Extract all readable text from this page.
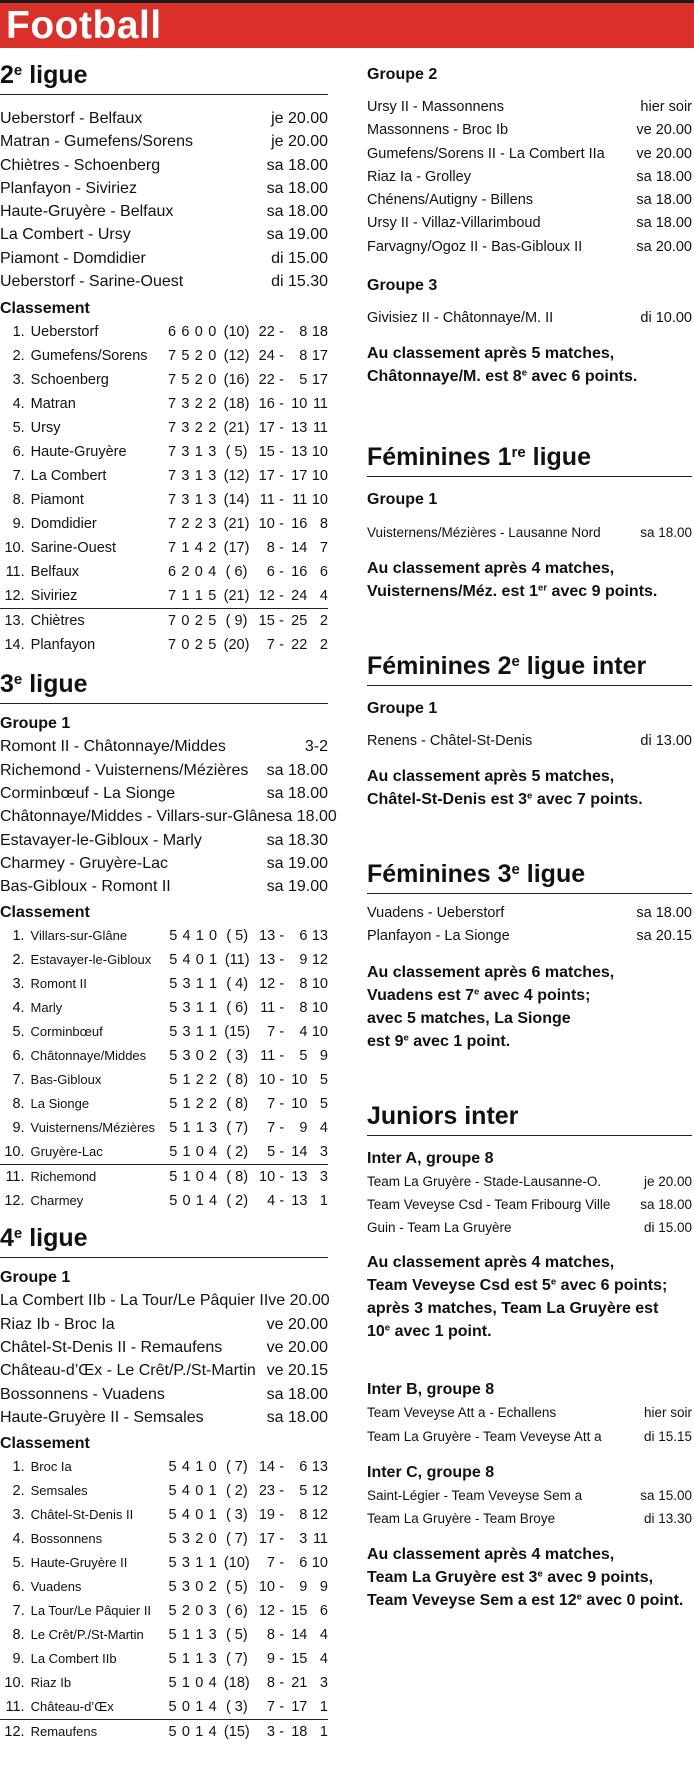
Football
2e ligue
Ueberstorf - Belfaux	je 20.00
Matran - Gumefens/Sorens	je 20.00
Chiètres - Schoenberg	sa 18.00
Planfayon - Siviriez	sa 18.00
Haute-Gruyère - Belfaux	sa 18.00
La Combert - Ursy	sa 19.00
Piamont - Domdidier	di 15.00
Ueberstorf - Sarine-Ouest	di 15.30
Classement
1.	Ueberstorf	6	6	0	0	(10)	22	-	8	18
2.	Gumefens/Sorens	7	5	2	0	(12)	24	-	8	17
3.	Schoenberg	7	5	2	0	(16)	22	-	5	17
4.	Matran	7	3	2	2	(18)	16	-	10	11
5.	Ursy	7	3	2	2	(21)	17	-	13	11
6.	Haute-Gruyère	7	3	1	3	( 5)	15	-	13	10
7.	La Combert	7	3	1	3	(12)	17	-	17	10
8.	Piamont	7	3	1	3	(14)	11	-	11	10
9.	Domdidier	7	2	2	3	(21)	10	-	16	8
10.	Sarine-Ouest	7	1	4	2	(17)	8	-	14	7
11.	Belfaux	6	2	0	4	( 6)	6	-	16	6
12.	Siviriez	7	1	1	5	(21)	12	-	24	4
13.	Chiètres	7	0	2	5	( 9)	15	-	25	2
14.	Planfayon	7	0	2	5	(20)	7	-	22	2
3e ligue
Groupe 1
Romont II - Châtonnaye/Middes	3-2
Richemond - Vuisternens/Mézières sa 18.00
Corminbœuf - La Sionge	sa 18.00
Châtonnaye/Middes - Villars-sur-Glâne sa 18.00
Estavayer-le-Gibloux - Marly	sa 18.30
Charmey - Gruyère-Lac	sa 19.00
Bas-Gibloux - Romont II	sa 19.00
Classement
1.	Villars-sur-Glâne	5	4	1	0	( 5)	13	-	6	13
2.	Estavayer-le-Gibloux	5	4	0	1	(11)	13	-	9	12
3.	Romont II	5	3	1	1	( 4)	12	-	8	10
4.	Marly	5	3	1	1	( 6)	11	-	8	10
5.	Corminbœuf	5	3	1	1	(15)	7	-	4	10
6.	Châtonnaye/Middes	5	3	0	2	( 3)	11	-	5	9
7.	Bas-Gibloux	5	1	2	2	( 8)	10	-	10	5
8.	La Sionge	5	1	2	2	( 8)	7	-	10	5
9.	Vuisternens/Mézières	5	1	1	3	( 7)	7	-	9	4
10.	Gruyère-Lac	5	1	0	4	( 2)	5	-	14	3
11.	Richemond	5	1	0	4	( 8)	10	-	13	3
12.	Charmey	5	0	1	4	( 2)	4	-	13	1
4e ligue
Groupe 1
La Combert IIb - La Tour/Le Pâquier II ve 20.00
Riaz Ib - Broc Ia	ve 20.00
Châtel-St-Denis II - Remaufens	ve 20.00
Château-d’Œx - Le Crêt/P./St-Martin ve 20.15
Bossonnens - Vuadens	sa 18.00
Haute-Gruyère II - Semsales	sa 18.00
Classement
1.	Broc Ia	5	4	1	0	( 7)	14	-	6	13
2.	Semsales	5	4	0	1	( 2)	23	-	5	12
3.	Châtel-St-Denis II	5	4	0	1	( 3)	19	-	8	12
4.	Bossonnens	5	3	2	0	( 7)	17	-	3	11
5.	Haute-Gruyère II	5	3	1	1	(10)	7	-	6	10
6.	Vuadens	5	3	0	2	( 5)	10	-	9	9
7.	La Tour/Le Pâquier II	5	2	0	3	( 6)	12	-	15	6
8.	Le Crêt/P./St-Martin	5	1	1	3	( 5)	8	-	14	4
9.	La Combert IIb	5	1	1	3	( 7)	9	-	15	4
10.	Riaz Ib	5	1	0	4	(18)	8	-	21	3
11.	Château-d’Œx	5	0	1	4	( 3)	7	-	17	1
12.	Remaufens	5	0	1	4	(15)	3	-	18	1
Groupe 2
Ursy II - Massonnens	hier soir
Massonnens - Broc Ib	ve 20.00
Gumefens/Sorens II - La Combert IIa ve 20.00
Riaz Ia - Grolley	sa 18.00
Chénens/Autigny - Billens	sa 18.00
Ursy II - Villaz-Villarimboud	sa 18.00
Farvagny/Ogoz II - Bas-Gibloux II	sa 20.00
Groupe 3
Givisiez II - Châtonnaye/M. II	di 10.00
Au classement après 5 matches,
Châtonnaye/M. est 8e avec 6 points.
Féminines 1re ligue
Groupe 1
Vuisternens/Mézières - Lausanne Nord	sa 18.00
Au classement après 4 matches,
Vuisternens/Méz. est 1er avec 9 points.
Féminines 2e ligue inter
Groupe 1
Renens - Châtel-St-Denis	di 13.00
Au classement après 5 matches,
Châtel-St-Denis est 3e avec 7 points.
Féminines 3e ligue
Vuadens - Ueberstorf	sa 18.00
Planfayon - La Sionge	sa 20.15
Au classement après 6 matches,
Vuadens est 7e avec 4 points;
avec 5 matches, La Sionge
est 9e avec 1 point.
Juniors inter
Inter A, groupe 8
Team La Gruyère - Stade-Lausanne-O.	je 20.00
Team Veveyse Csd - Team Fribourg Ville sa 18.00
Guin - Team La Gruyère	di 15.00
Au classement après 4 matches,
Team Veveyse Csd est 5e avec 6 points;
après 3 matches, Team La Gruyère est
10e avec 1 point.
Inter B, groupe 8
Team Veveyse Att a - Echallens	hier soir
Team La Gruyère - Team Veveyse Att a	di 15.15
Inter C, groupe 8
Saint-Légier - Team Veveyse Sem a	sa 15.00
Team La Gruyère - Team Broye	di 13.30
Au classement après 4 matches,
Team La Gruyère est 3e avec 9 points,
Team Veveyse Sem a est 12e avec 0 point.
